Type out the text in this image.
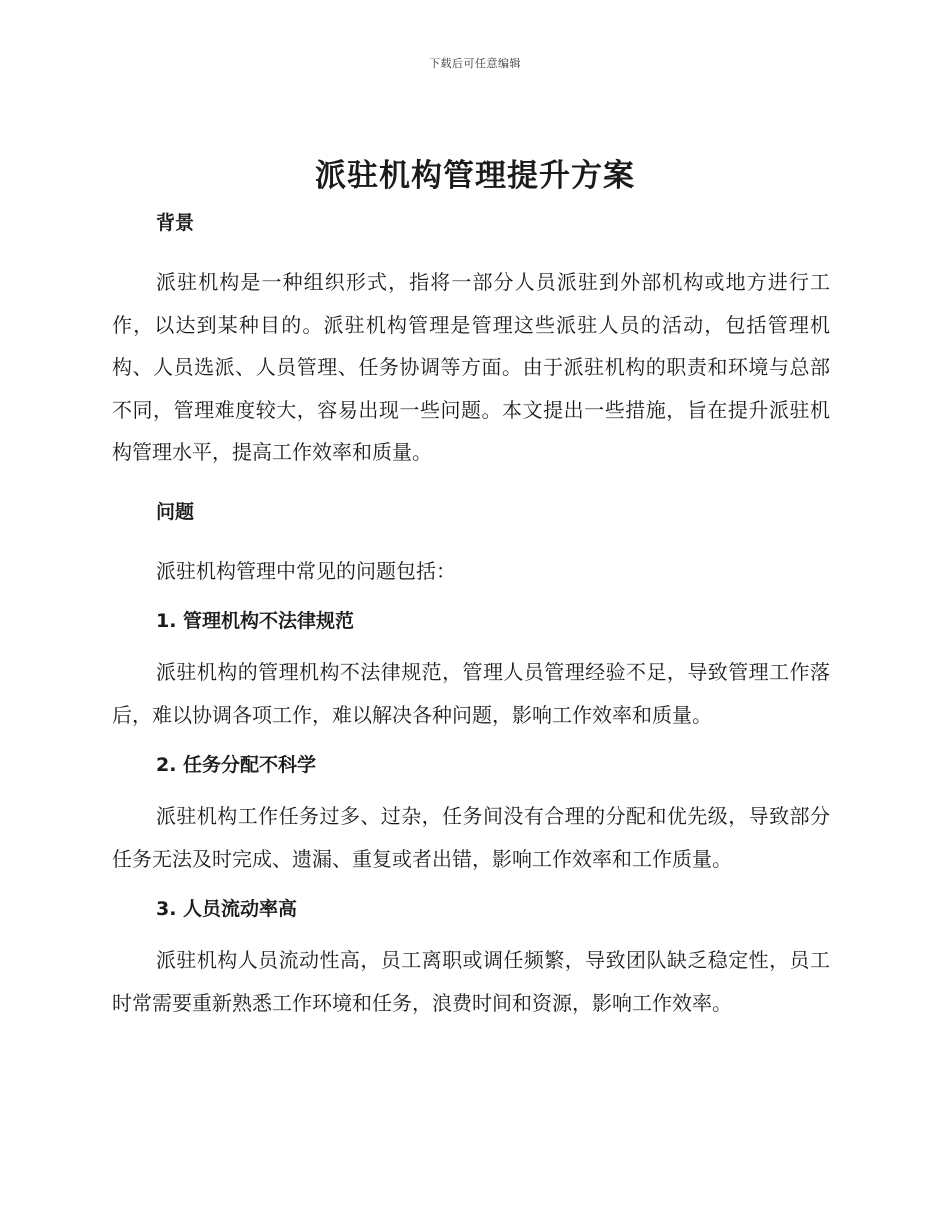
下载后可任意编辑
派驻机构管理提升方案
背景

派驻机构是一种组织形式，指将一部分人员派驻到外部机构或地方进行工作，以达到某种目的。派驻机构管理是管理这些派驻人员的活动，包括管理机构、人员选派、人员管理、任务协调等方面。由于派驻机构的职责和环境与总部不同，管理难度较大，容易出现一些问题。本文提出一些措施，旨在提升派驻机构管理水平，提高工作效率和质量。

问题

派驻机构管理中常见的问题包括：

1. 管理机构不法律规范

派驻机构的管理机构不法律规范，管理人员管理经验不足，导致管理工作落后，难以协调各项工作，难以解决各种问题，影响工作效率和质量。

2. 任务分配不科学

派驻机构工作任务过多、过杂，任务间没有合理的分配和优先级，导致部分任务无法及时完成、遗漏、重复或者出错，影响工作效率和工作质量。

3. 人员流动率高

派驻机构人员流动性高，员工离职或调任频繁，导致团队缺乏稳定性，员工时常需要重新熟悉工作环境和任务，浪费时间和资源，影响工作效率。
